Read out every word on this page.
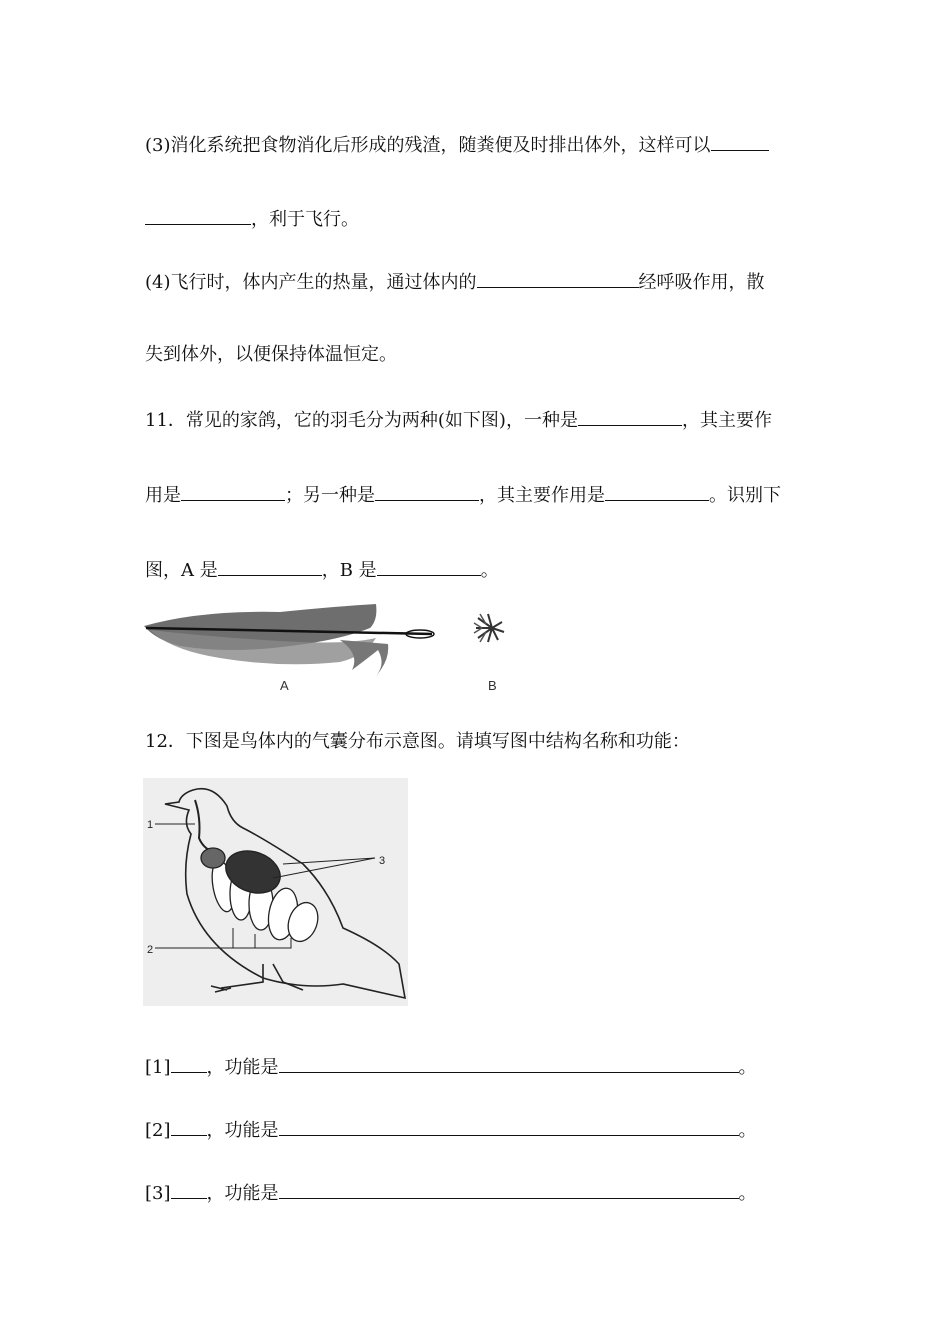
(3)消化系统把食物消化后形成的残渣，随粪便及时排出体外，这样可以
，利于飞行。
(4)飞行时，体内产生的热量，通过体内的	经呼吸作用，散
失到体外，以便保持体温恒定。
11．常见的家鸽，它的羽毛分为两种(如下图)，一种是	，其主要作
用是	；另一种是	，其主要作用是	。识别下
图，A 是	，B 是	。
A	B
12．下图是鸟体内的气囊分布示意图。请填写图中结构名称和功能：
1
2
3
[1] ，功能是	。
[2] ，功能是	。
[3] ，功能是	。
